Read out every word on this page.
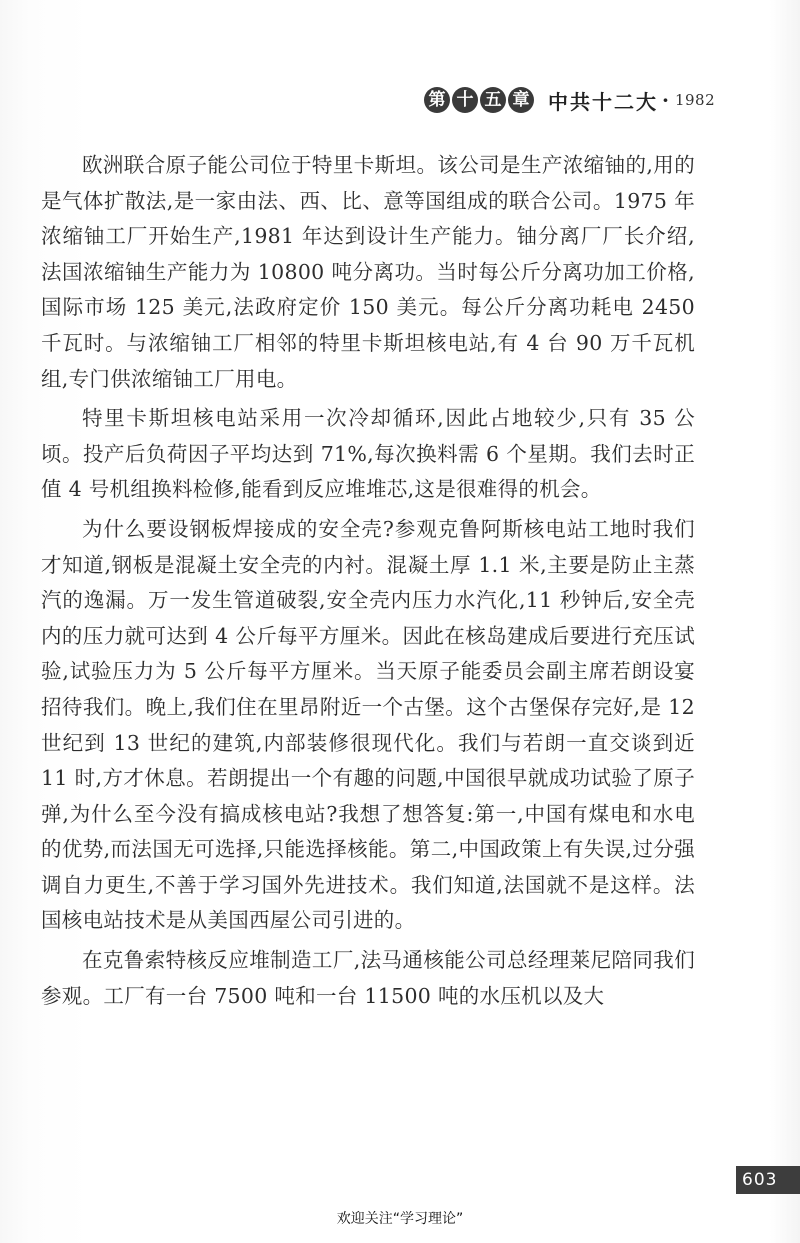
第 十 五 章 中共十二大 · 1982

欧洲联合原子能公司位于特里卡斯坦。该公司是生产浓缩铀的,用的是气体扩散法,是一家由法、西、比、意等国组成的联合公司。1975 年浓缩铀工厂开始生产,1981 年达到设计生产能力。铀分离厂厂长介绍,法国浓缩铀生产能力为 10800 吨分离功。当时每公斤分离功加工价格,国际市场 125 美元,法政府定价 150 美元。每公斤分离功耗电 2450 千瓦时。与浓缩铀工厂相邻的特里卡斯坦核电站,有 4 台 90 万千瓦机组,专门供浓缩铀工厂用电。

特里卡斯坦核电站采用一次冷却循环,因此占地较少,只有 35 公顷。投产后负荷因子平均达到 71%,每次换料需 6 个星期。我们去时正值 4 号机组换料检修,能看到反应堆堆芯,这是很难得的机会。

为什么要设钢板焊接成的安全壳?参观克鲁阿斯核电站工地时我们才知道,钢板是混凝土安全壳的内衬。混凝土厚 1.1 米,主要是防止主蒸汽的逸漏。万一发生管道破裂,安全壳内压力水汽化,11 秒钟后,安全壳内的压力就可达到 4 公斤每平方厘米。因此在核岛建成后要进行充压试验,试验压力为 5 公斤每平方厘米。当天原子能委员会副主席若朗设宴招待我们。晚上,我们住在里昂附近一个古堡。这个古堡保存完好,是 12 世纪到 13 世纪的建筑,内部装修很现代化。我们与若朗一直交谈到近 11 时,方才休息。若朗提出一个有趣的问题,中国很早就成功试验了原子弹,为什么至今没有搞成核电站?我想了想答复:第一,中国有煤电和水电的优势,而法国无可选择,只能选择核能。第二,中国政策上有失误,过分强调自力更生,不善于学习国外先进技术。我们知道,法国就不是这样。法国核电站技术是从美国西屋公司引进的。

在克鲁索特核反应堆制造工厂,法马通核能公司总经理莱尼陪同我们参观。工厂有一台 7500 吨和一台 11500 吨的水压机以及大

603
欢迎关注“学习理论”
